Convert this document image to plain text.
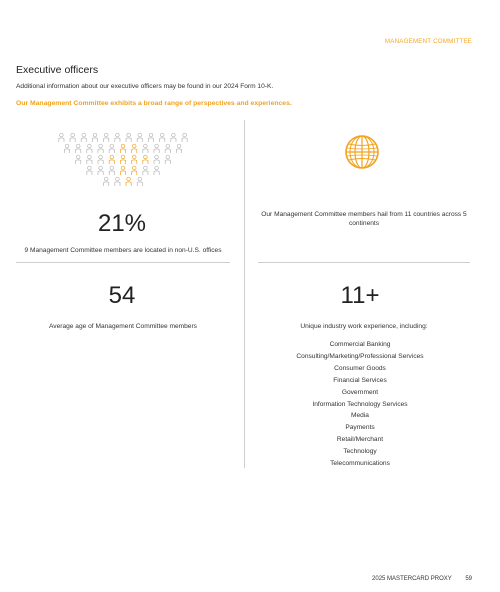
MANAGEMENT COMMITTEE
Executive officers
Additional information about our executive officers may be found in our 2024 Form 10-K.
Our Management Committee exhibits a broad range of perspectives and experiences.
21%
9 Management Committee members are located in non-U.S. offices
Our Management Committee members hail from 11 countries across 5 continents
54
Average age of Management Committee members
11+
Unique industry work experience, including:
Commercial Banking
Consulting/Marketing/Professional Services
Consumer Goods
Financial Services
Government
Information Technology Services
Media
Payments
Retail/Merchant
Technology
Telecommunications
2025 MASTERCARD PROXY 59
